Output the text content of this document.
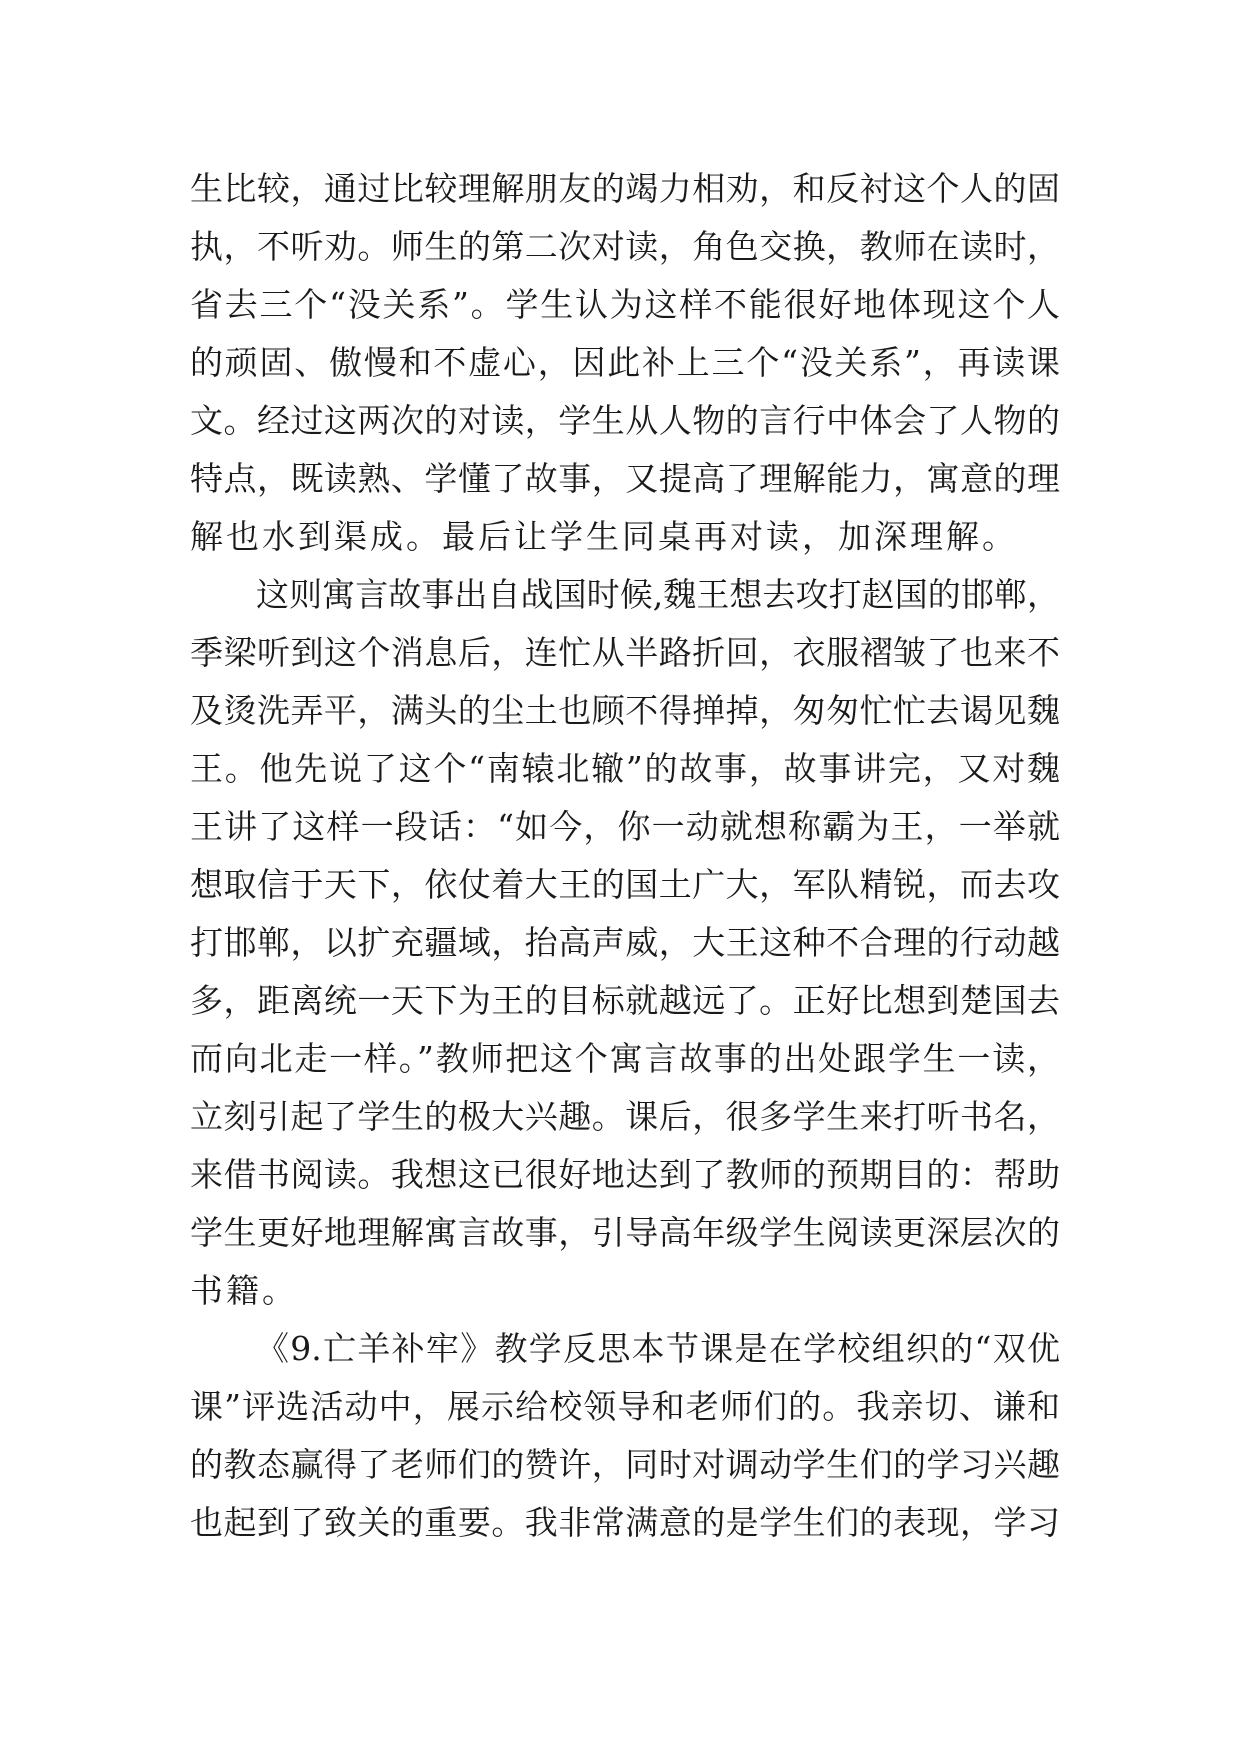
生比较，通过比较理解朋友的竭力相劝，和反衬这个人的固
执，不听劝。师生的第二次对读，角色交换，教师在读时，
省去三个“没关系”。学生认为这样不能很好地体现这个人
的顽固、傲慢和不虚心，因此补上三个“没关系”，再读课
文。经过这两次的对读，学生从人物的言行中体会了人物的
特点，既读熟、学懂了故事，又提高了理解能力，寓意的理
解也水到渠成。最后让学生同桌再对读，加深理解。
这则寓言故事出自战国时候,魏王想去攻打赵国的邯郸，
季梁听到这个消息后，连忙从半路折回，衣服褶皱了也来不
及烫洗弄平，满头的尘土也顾不得掸掉，匆匆忙忙去谒见魏
王。他先说了这个“南辕北辙”的故事，故事讲完，又对魏
王讲了这样一段话：“如今，你一动就想称霸为王，一举就
想取信于天下，依仗着大王的国土广大，军队精锐，而去攻
打邯郸，以扩充疆域，抬高声威，大王这种不合理的行动越
多，距离统一天下为王的目标就越远了。正好比想到楚国去
而向北走一样。”教师把这个寓言故事的出处跟学生一读，
立刻引起了学生的极大兴趣。课后，很多学生来打听书名，
来借书阅读。我想这已很好地达到了教师的预期目的：帮助
学生更好地理解寓言故事，引导高年级学生阅读更深层次的
书籍。
《9.亡羊补牢》教学反思本节课是在学校组织的“双优
课”评选活动中，展示给校领导和老师们的。我亲切、谦和
的教态赢得了老师们的赞许，同时对调动学生们的学习兴趣
也起到了致关的重要。我非常满意的是学生们的表现，学习
